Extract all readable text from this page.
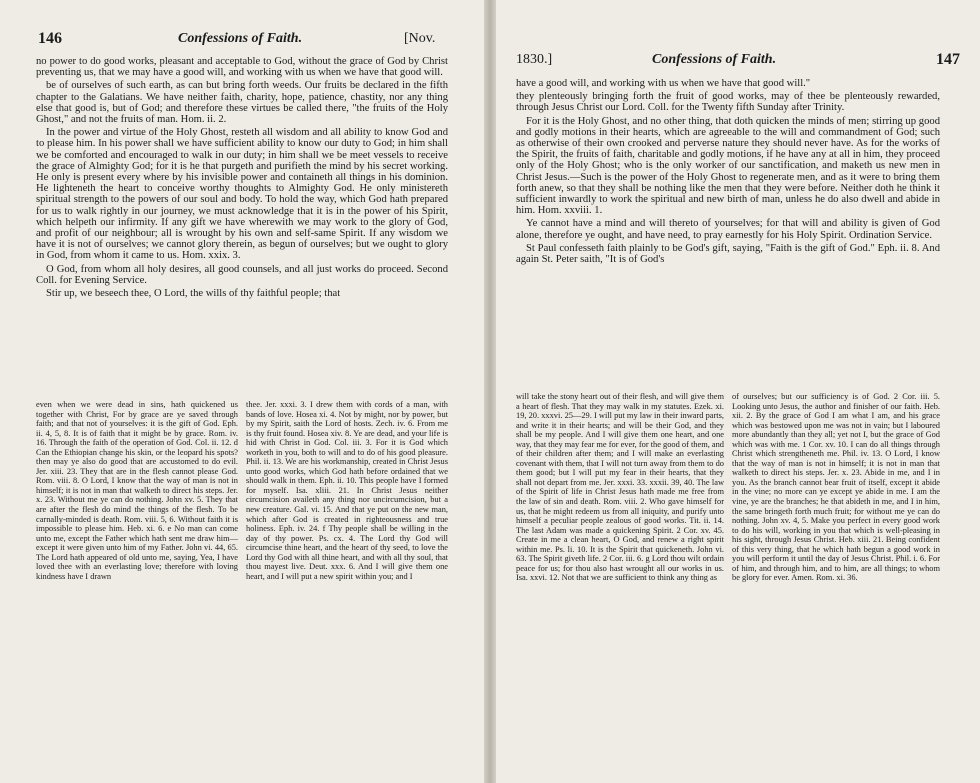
146	Confessions of Faith.	[Nov.

no power to do good works, pleasant and acceptable to God, without the grace of God by Christ preventing us, that we may have a good will, and working with us when we have that good will.

be of ourselves of such earth, as can but bring forth weeds. Our fruits be declared in the fifth chapter to the Galatians. We have neither faith, charity, hope, patience, chastity, nor any thing else that good is, but of God; and therefore these virtues be called there, "the fruits of the Holy Ghost," and not the fruits of man. Hom. ii. 2.

In the power and virtue of the Holy Ghost, resteth all wisdom and all ability to know God and to please him. In his power shall we have sufficient ability to know our duty to God; in him shall we be comforted and encouraged to walk in our duty; in him shall we be meet vessels to receive the grace of Almighty God; for it is he that purgeth and purifieth the mind by his secret working. He only is present every where by his invisible power and containeth all things in his dominion. He lighteneth the heart to conceive worthy thoughts to Almighty God. He only ministereth spiritual strength to the powers of our soul and body. To hold the way, which God hath prepared for us to walk rightly in our journey, we must acknowledge that it is in the power of his Spirit, which helpeth our infirmity. If any gift we have wherewith we may work to the glory of God, and profit of our neighbour; all is wrought by his own and self-same Spirit. If any wisdom we have it is not of ourselves; we cannot glory therein, as begun of ourselves; but we ought to glory in God, from whom it came to us. Hom. xxix. 3.

O God, from whom all holy desires, all good counsels, and all just works do proceed. Second Coll. for Evening Service.

Stir up, we beseech thee, O Lord, the wills of thy faithful people; that

even when we were dead in sins, hath quickened us together with Christ, For by grace are ye saved through faith; and that not of yourselves: it is the gift of God. Eph. ii. 4, 5, 8. It is of faith that it might be by grace. Rom. iv. 16. Through the faith of the operation of God. Col. ii. 12. d Can the Ethiopian change his skin, or the leopard his spots? then may ye also do good that are accustomed to do evil. Jer. xiii. 23. They that are in the flesh cannot please God. Rom. viii. 8. O Lord, I know that the way of man is not in himself; it is not in man that walketh to direct his steps. Jer. x. 23. Without me ye can do nothing. John xv. 5. They that are after the flesh do mind the things of the flesh. To be carnally-minded is death. Rom. viii. 5, 6. Without faith it is impossible to please him. Heb. xi. 6. e No man can come unto me, except the Father which hath sent me draw him—except it were given unto him of my Father. John vi. 44, 65. The Lord hath appeared of old unto me, saying, Yea, I have loved thee with an everlasting love; therefore with loving kindness have I drawn

thee. Jer. xxxi. 3. I drew them with cords of a man, with bands of love. Hosea xi. 4. Not by might, nor by power, but by my Spirit, saith the Lord of hosts. Zech. iv. 6. From me is thy fruit found. Hosea xiv. 8. Ye are dead, and your life is hid with Christ in God. Col. iii. 3. For it is God which worketh in you, both to will and to do of his good pleasure. Phil. ii. 13. We are his workmanship, created in Christ Jesus unto good works, which God hath before ordained that we should walk in them. Eph. ii. 10. This people have I formed for myself. Isa. xliii. 21. In Christ Jesus neither circumcision availeth any thing nor uncircumcision, but a new creature. Gal. vi. 15. And that ye put on the new man, which after God is created in righteousness and true holiness. Eph. iv. 24. f Thy people shall be willing in the day of thy power. Ps. cx. 4. The Lord thy God will circumcise thine heart, and the heart of thy seed, to love the Lord thy God with all thine heart, and with all thy soul, that thou mayest live. Deut. xxx. 6. And I will give them one heart, and I will put a new spirit within you; and I

1830.]	Confessions of Faith.	147

have a good will, and working with us when we have that good will."

they plenteously bringing forth the fruit of good works, may of thee be plenteously rewarded, through Jesus Christ our Lord. Coll. for the Twenty fifth Sunday after Trinity.

For it is the Holy Ghost, and no other thing, that doth quicken the minds of men; stirring up good and godly motions in their hearts, which are agreeable to the will and commandment of God; such as otherwise of their own crooked and perverse nature they should never have. As for the works of the Spirit, the fruits of faith, charitable and godly motions, if he have any at all in him, they proceed only of the Holy Ghost; who is the only worker of our sanctification, and maketh us new men in Christ Jesus.—Such is the power of the Holy Ghost to regenerate men, and as it were to bring them forth anew, so that they shall be nothing like the men that they were before. Neither doth he think it sufficient inwardly to work the spiritual and new birth of man, unless he do also dwell and abide in him. Hom. xxviii. 1.

Ye cannot have a mind and will thereto of yourselves; for that will and ability is given of God alone, therefore ye ought, and have need, to pray earnestly for his Holy Spirit. Ordination Service.

St Paul confesseth faith plainly to be God's gift, saying, "Faith is the gift of God." Eph. ii. 8. And again St. Peter saith, "It is of God's

will take the stony heart out of their flesh, and will give them a heart of flesh. That they may walk in my statutes. Ezek. xi. 19, 20. xxxvi. 25—29. I will put my law in their inward parts, and write it in their hearts; and will be their God, and they shall be my people. And I will give them one heart, and one way, that they may fear me for ever, for the good of them, and of their children after them; and I will make an everlasting covenant with them, that I will not turn away from them to do them good; but I will put my fear in their hearts, that they shall not depart from me. Jer. xxxi. 33. xxxii. 39, 40. The law of the Spirit of life in Christ Jesus hath made me free from the law of sin and death. Rom. viii. 2. Who gave himself for us, that he might redeem us from all iniquity, and purify unto himself a peculiar people zealous of good works. Tit. ii. 14. The last Adam was made a quickening Spirit. 2 Cor. xv. 45. Create in me a clean heart, O God, and renew a right spirit within me. Ps. li. 10. It is the Spirit that quickeneth. John vi. 63. The Spirit giveth life. 2 Cor. iii. 6. g Lord thou wilt ordain peace for us; for thou also hast wrought all our works in us. Isa. xxvi. 12. Not that we are sufficient to think any thing as

of ourselves; but our sufficiency is of God. 2 Cor. iii. 5. Looking unto Jesus, the author and finisher of our faith. Heb. xii. 2. By the grace of God I am what I am, and his grace which was bestowed upon me was not in vain; but I laboured more abundantly than they all; yet not I, but the grace of God which was with me. 1 Cor. xv. 10. I can do all things through Christ which strengtheneth me. Phil. iv. 13. O Lord, I know that the way of man is not in himself; it is not in man that walketh to direct his steps. Jer. x. 23. Abide in me, and I in you. As the branch cannot bear fruit of itself, except it abide in the vine; no more can ye except ye abide in me. I am the vine, ye are the branches; he that abideth in me, and I in him, the same bringeth forth much fruit; for without me ye can do nothing. John xv. 4, 5. Make you perfect in every good work to do his will, working in you that which is well-pleasing in his sight, through Jesus Christ. Heb. xiii. 21. Being confident of this very thing, that he which hath begun a good work in you will perform it until the day of Jesus Christ. Phil. i. 6. For of him, and through him, and to him, are all things; to whom be glory for ever. Amen. Rom. xi. 36.
